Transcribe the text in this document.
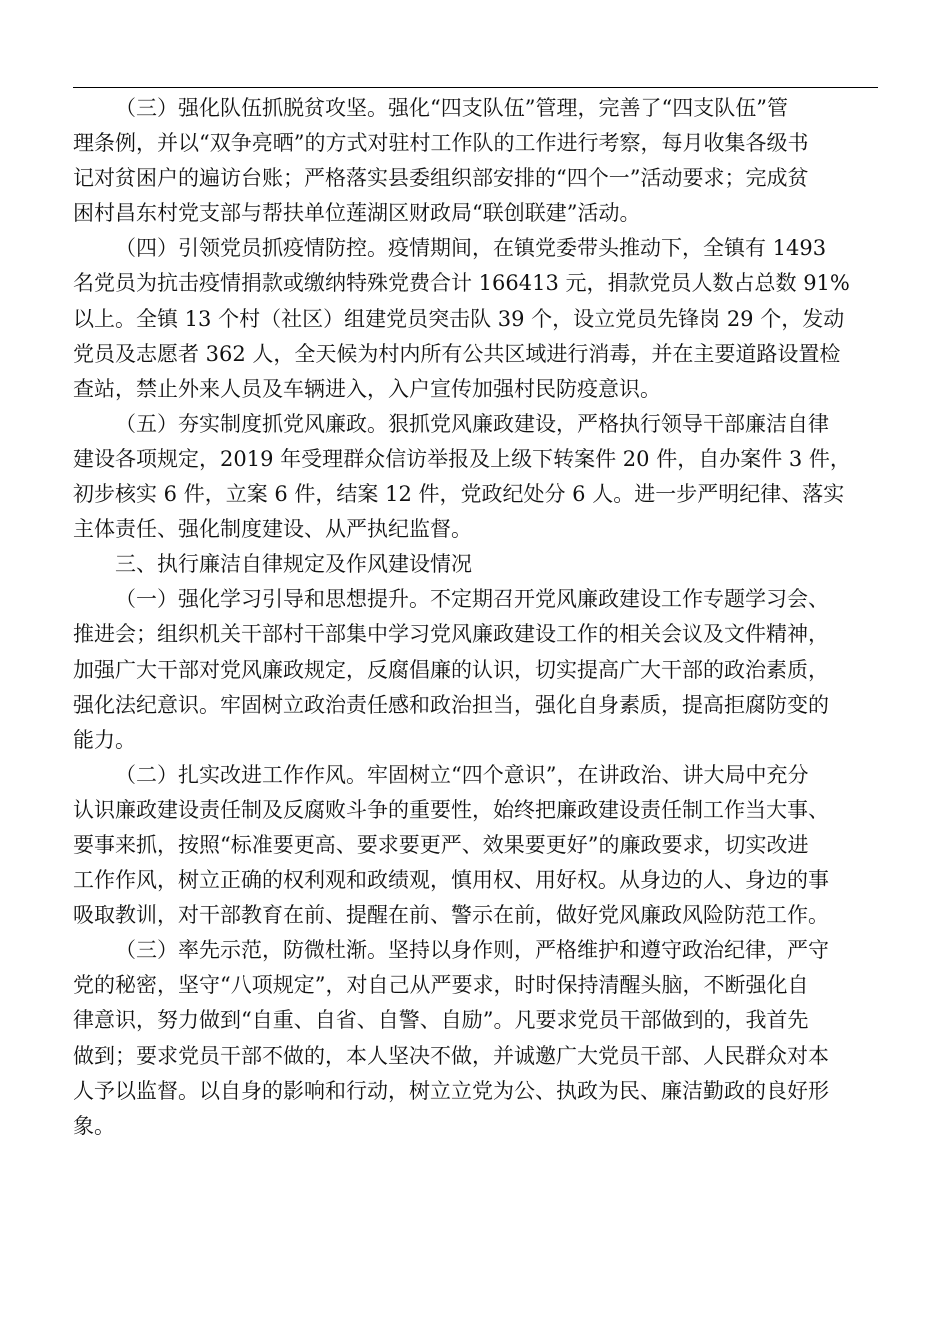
（三）强化队伍抓脱贫攻坚。强化“四支队伍”管理，完善了“四支队伍”管
理条例，并以“双争亮晒”的方式对驻村工作队的工作进行考察，每月收集各级书
记对贫困户的遍访台账；严格落实县委组织部安排的“四个一”活动要求；完成贫
困村昌东村党支部与帮扶单位莲湖区财政局“联创联建”活动。

（四）引领党员抓疫情防控。疫情期间，在镇党委带头推动下，全镇有 1493
名党员为抗击疫情捐款或缴纳特殊党费合计 166413 元，捐款党员人数占总数 91%
以上。全镇 13 个村（社区）组建党员突击队 39 个，设立党员先锋岗 29 个，发动
党员及志愿者 362 人，全天候为村内所有公共区域进行消毒，并在主要道路设置检
查站，禁止外来人员及车辆进入，入户宣传加强村民防疫意识。

（五）夯实制度抓党风廉政。狠抓党风廉政建设，严格执行领导干部廉洁自律
建设各项规定，2019 年受理群众信访举报及上级下转案件 20 件，自办案件 3 件，
初步核实 6 件，立案 6 件，结案 12 件，党政纪处分 6 人。进一步严明纪律、落实
主体责任、强化制度建设、从严执纪监督。

三、执行廉洁自律规定及作风建设情况

（一）强化学习引导和思想提升。不定期召开党风廉政建设工作专题学习会、
推进会；组织机关干部村干部集中学习党风廉政建设工作的相关会议及文件精神，
加强广大干部对党风廉政规定，反腐倡廉的认识，切实提高广大干部的政治素质，
强化法纪意识。牢固树立政治责任感和政治担当，强化自身素质，提高拒腐防变的
能力。

（二）扎实改进工作作风。牢固树立“四个意识”，在讲政治、讲大局中充分
认识廉政建设责任制及反腐败斗争的重要性，始终把廉政建设责任制工作当大事、
要事来抓，按照“标准要更高、要求要更严、效果要更好”的廉政要求，切实改进
工作作风，树立正确的权利观和政绩观，慎用权、用好权。从身边的人、身边的事
吸取教训，对干部教育在前、提醒在前、警示在前，做好党风廉政风险防范工作。

（三）率先示范，防微杜渐。坚持以身作则，严格维护和遵守政治纪律，严守
党的秘密，坚守“八项规定”，对自己从严要求，时时保持清醒头脑，不断强化自
律意识，努力做到“自重、自省、自警、自励”。凡要求党员干部做到的，我首先
做到；要求党员干部不做的，本人坚决不做，并诚邀广大党员干部、人民群众对本
人予以监督。以自身的影响和行动，树立立党为公、执政为民、廉洁勤政的良好形
象。
